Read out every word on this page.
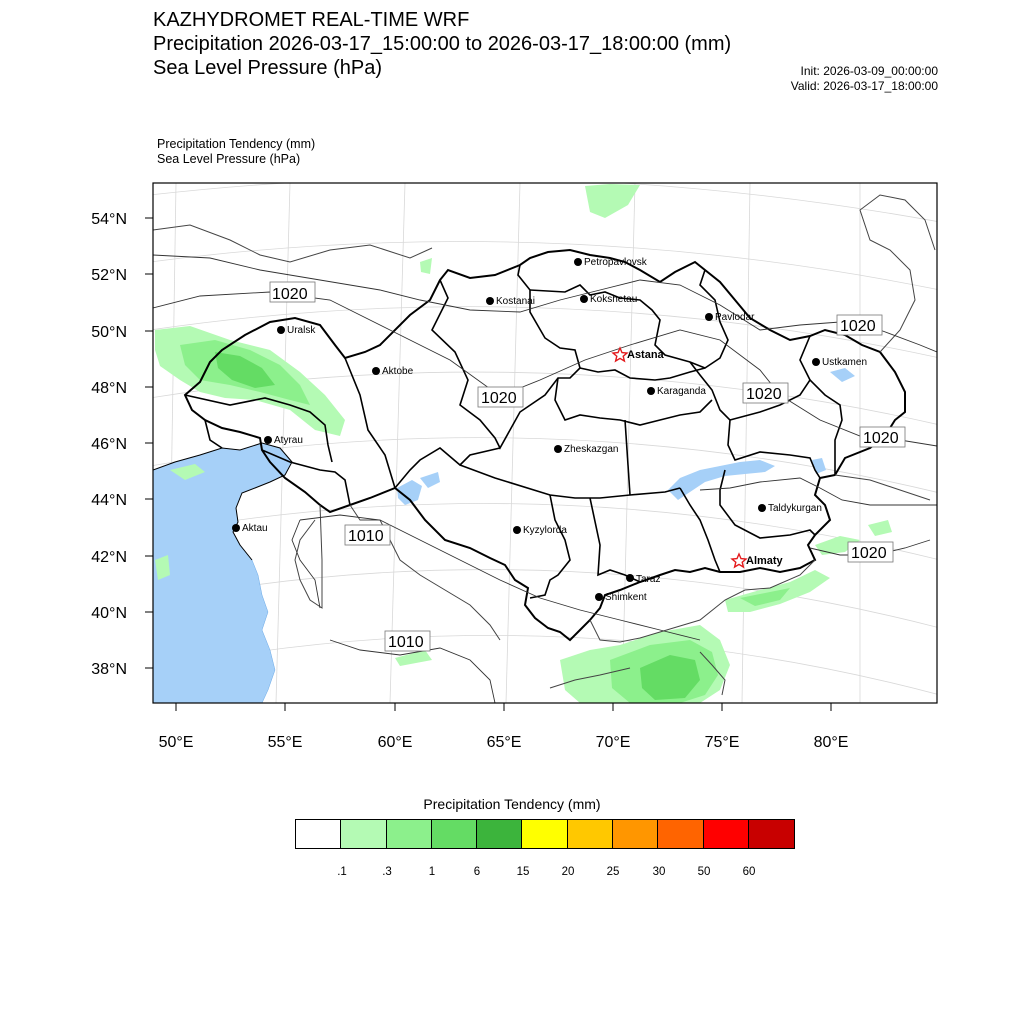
KAZHYDROMET REAL-TIME WRF
Precipitation 2026-03-17_15:00:00 to 2026-03-17_18:00:00 (mm)
Sea Level Pressure (hPa)	Init: 2026-03-09_00:00:00
Valid: 2026-03-17_18:00:00
Precipitation Tendency (mm)
Sea Level Pressure (hPa)
54°N
52°N
50°N
48°N
46°N
44°N
42°N
40°N
38°N
50°E	55°E	60°E	65°E	70°E	75°E	80°E
1020
1020
1020	1020
1020
1010
1010
1020
Petropavlovsk
Kostanai	Kokshetau
Pavlodar
Uralsk
Astana
Aktobe
Karaganda
Ustkamen
Atyrau
Zheskazgan
Aktau
Taldykurgan
Kyzylorda
Almaty
Taraz
Shimkent
Precipitation Tendency (mm)
.1	.3	1	6	15	20	25	30	50	60
